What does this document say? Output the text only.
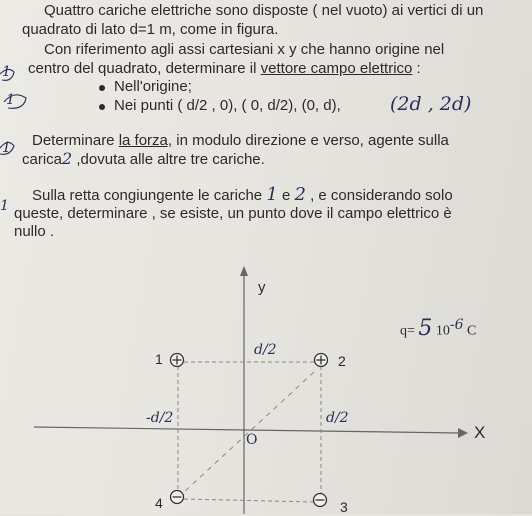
Quattro cariche elettriche sono disposte ( nel vuoto) ai vertici di un
quadrato di lato d=1 m, come in figura.
Con riferimento agli assi cartesiani x y che hanno origine nel
centro del quadrato, determinare il vettore campo elettrico :
Nell'origine;
Nei punti ( d/2 , 0), ( 0, d/2), (0, d),	(2d , 2d)
Determinare la forza, in modulo direzione e verso, agente sulla
carica2 ,dovuta alle altre tre cariche.
Sulla retta congiungente le cariche 1 e 2 , e considerando solo
queste, determinare , se esiste, un punto dove il campo elettrico è
nullo .
1
1
1
1
y
X
O
1	2
3
4
d/2
d/2
-d/2
q= 5 $10^{-6}$ C
